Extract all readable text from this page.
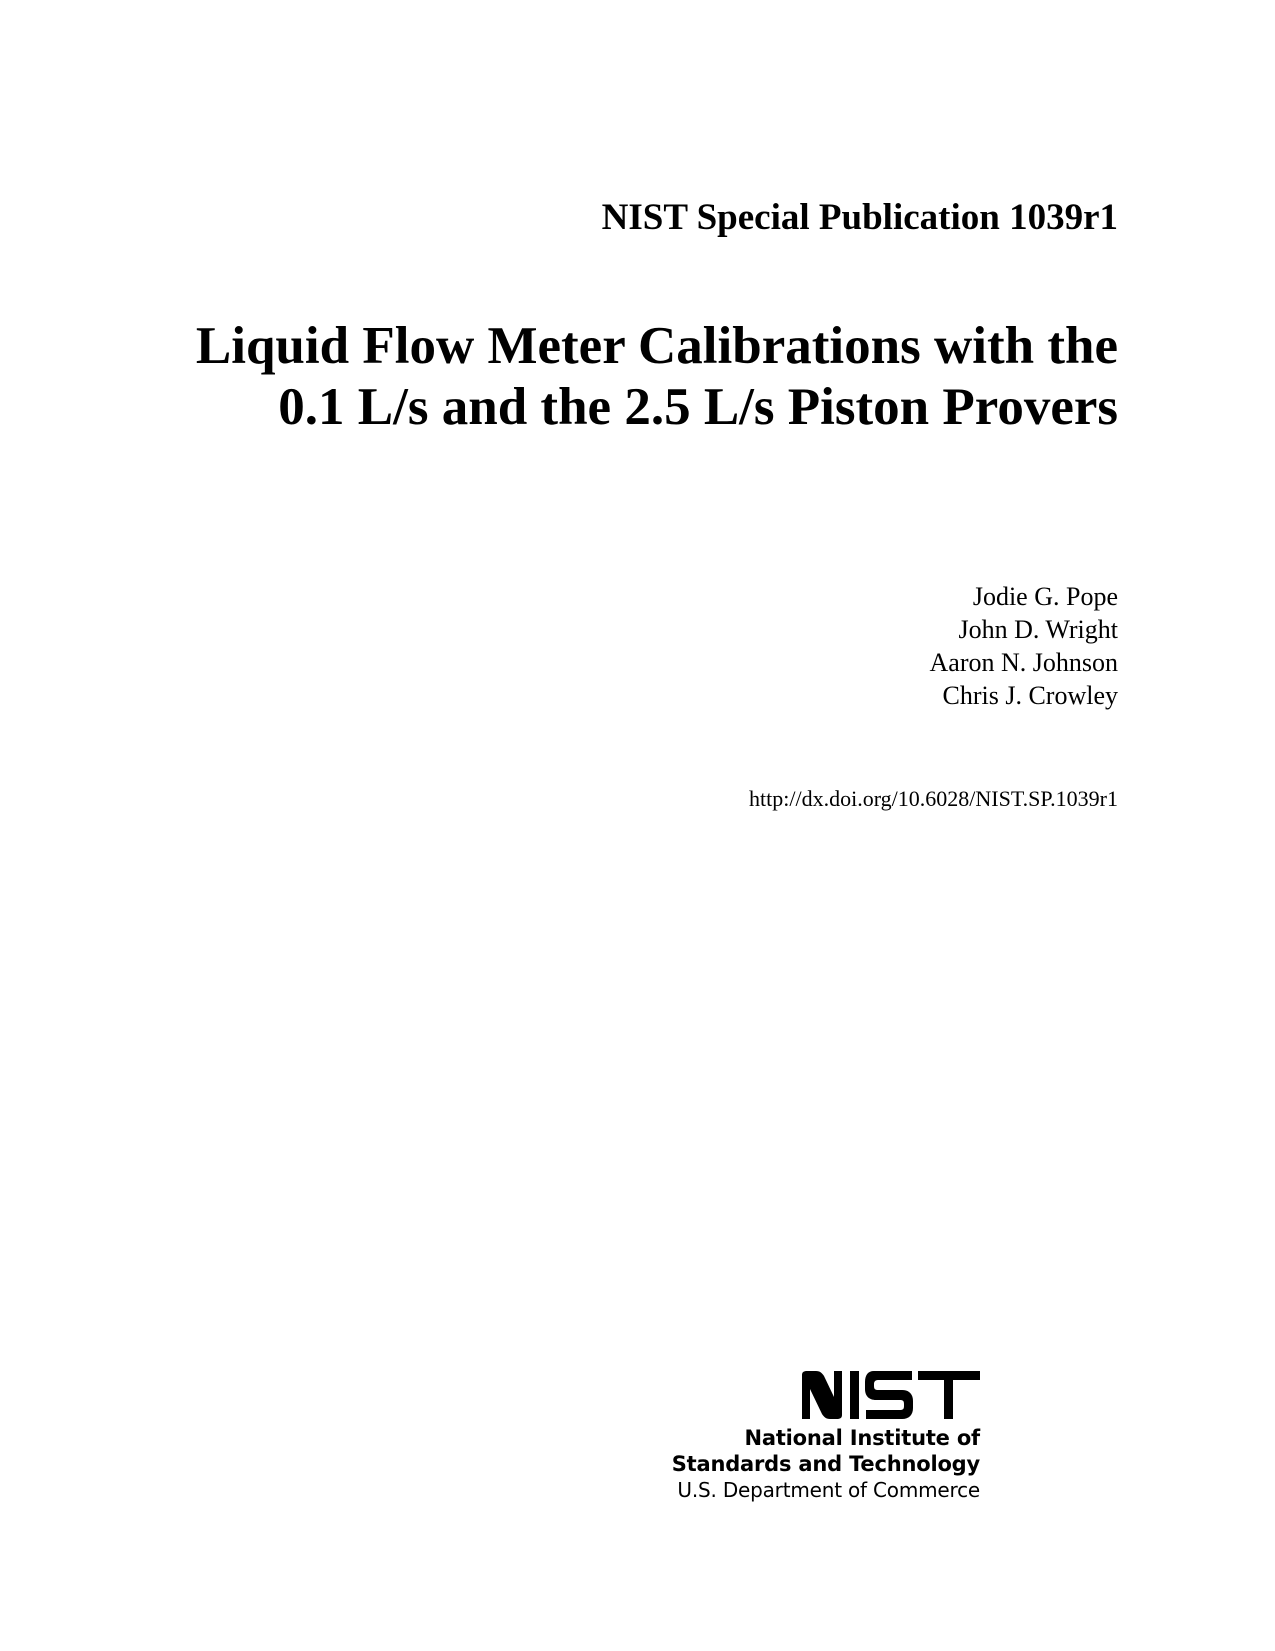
NIST Special Publication 1039r1
Liquid Flow Meter Calibrations with the
0.1 L/s and the 2.5 L/s Piston Provers
Jodie G. Pope
John D. Wright
Aaron N. Johnson
Chris J. Crowley
http://dx.doi.org/10.6028/NIST.SP.1039r1
National Institute of
Standards and Technology
U.S. Department of Commerce
